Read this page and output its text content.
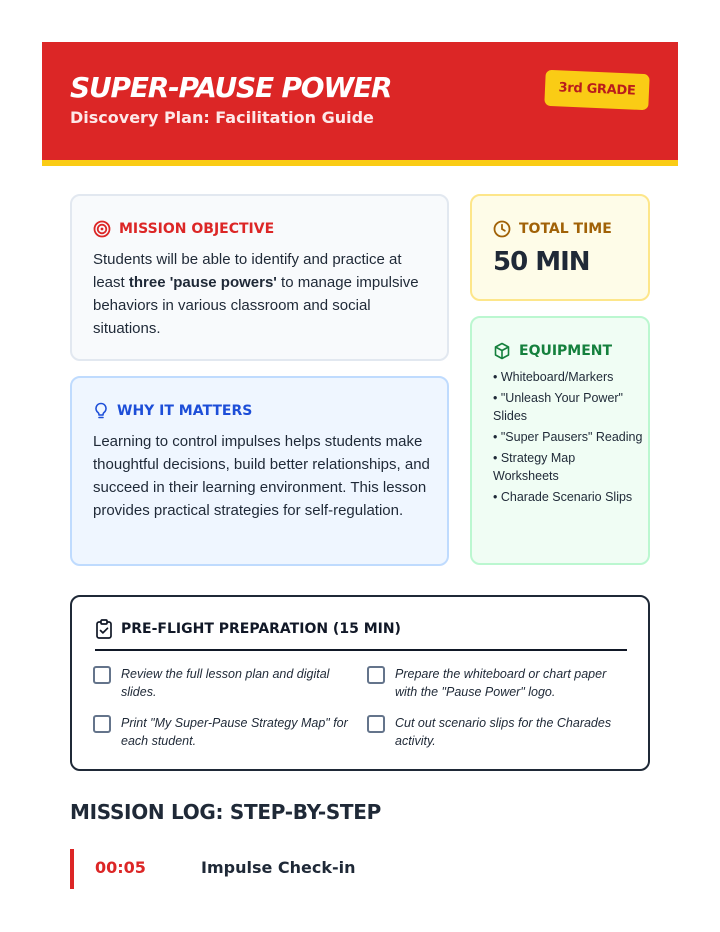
SUPER-PAUSE POWER
Discovery Plan: Facilitation Guide
3rd GRADE
MISSION OBJECTIVE
Students will be able to identify and practice at least three 'pause powers' to manage impulsive behaviors in various classroom and social situations.
WHY IT MATTERS
Learning to control impulses helps students make thoughtful decisions, build better relationships, and succeed in their learning environment. This lesson provides practical strategies for self-regulation.
TOTAL TIME
50 MIN
EQUIPMENT
• Whiteboard/Markers
• "Unleash Your Power" Slides
• "Super Pausers" Reading
• Strategy Map Worksheets
• Charade Scenario Slips
PRE-FLIGHT PREPARATION (15 MIN)
Review the full lesson plan and digital slides.
Prepare the whiteboard or chart paper with the "Pause Power" logo.
Print "My Super-Pause Strategy Map" for each student.
Cut out scenario slips for the Charades activity.
MISSION LOG: STEP-BY-STEP
00:05	Impulse Check-in
